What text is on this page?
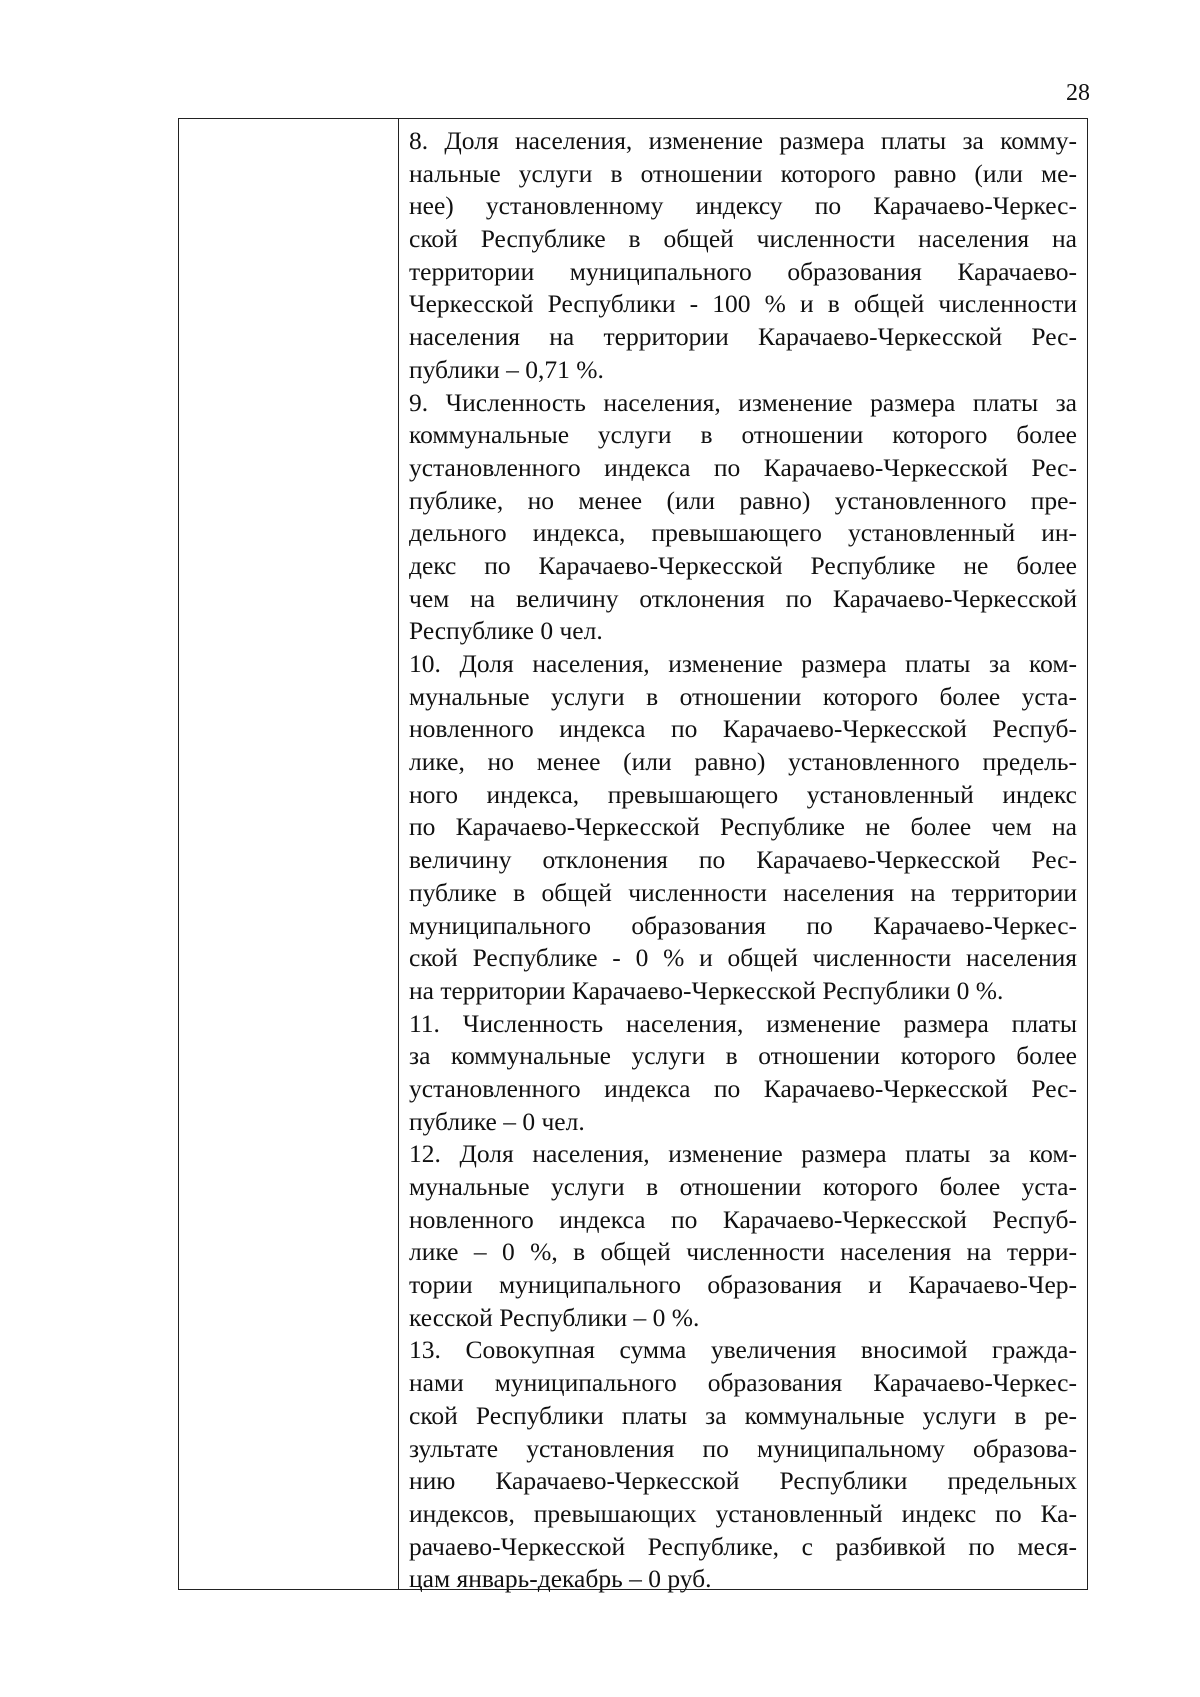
28
8. Доля населения, изменение размера платы за комму-
нальные услуги в отношении которого равно (или ме-
нее) установленному индексу по Карачаево-Черкес-
ской Республике в общей численности населения на
территории муниципального образования Карачаево-
Черкесской Республики - 100 % и в общей численности
населения на территории Карачаево-Черкесской Рес-
публики – 0,71 %.
9. Численность населения, изменение размера платы за
коммунальные услуги в отношении которого более
установленного индекса по Карачаево-Черкесской Рес-
публике, но менее (или равно) установленного пре-
дельного индекса, превышающего установленный ин-
декс по Карачаево-Черкесской Республике не более
чем на величину отклонения по Карачаево-Черкесской
Республике 0 чел.
10. Доля населения, изменение размера платы за ком-
мунальные услуги в отношении которого более уста-
новленного индекса по Карачаево-Черкесской Респуб-
лике, но менее (или равно) установленного предель-
ного индекса, превышающего установленный индекс
по Карачаево-Черкесской Республике не более чем на
величину отклонения по Карачаево-Черкесской Рес-
публике в общей численности населения на территории
муниципального образования по Карачаево-Черкес-
ской Республике - 0 % и общей численности населения
на территории Карачаево-Черкесской Республики 0 %.
11. Численность населения, изменение размера платы
за коммунальные услуги в отношении которого более
установленного индекса по Карачаево-Черкесской Рес-
публике – 0 чел.
12. Доля населения, изменение размера платы за ком-
мунальные услуги в отношении которого более уста-
новленного индекса по Карачаево-Черкесской Респуб-
лике – 0 %, в общей численности населения на терри-
тории муниципального образования и Карачаево-Чер-
кесской Республики – 0 %.
13. Совокупная сумма увеличения вносимой гражда-
нами муниципального образования Карачаево-Черкес-
ской Республики платы за коммунальные услуги в ре-
зультате установления по муниципальному образова-
нию Карачаево-Черкесской Республики предельных
индексов, превышающих установленный индекс по Ка-
рачаево-Черкесской Республике, с разбивкой по меся-
цам январь-декабрь – 0 руб.
